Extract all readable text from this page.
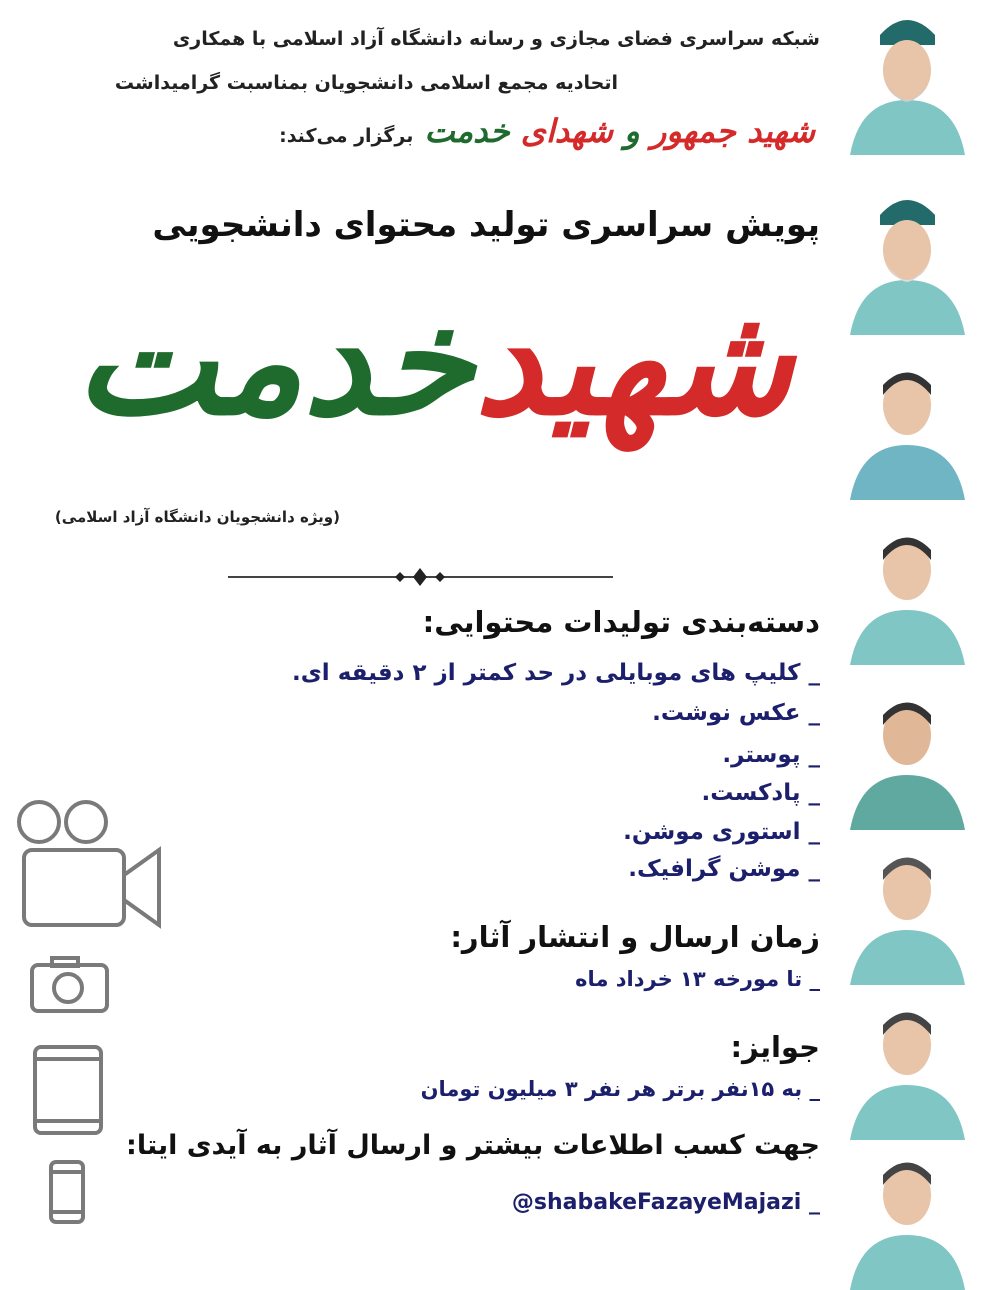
شبکه سراسری فضای مجازی و رسانه دانشگاه آزاد اسلامی با همکاری
اتحادیه مجمع اسلامی دانشجویان بمناسبت گرامیداشت
شهید جمهور و شهدای خدمت برگزار می‌کند:
پویش سراسری تولید محتوای دانشجویی
شهیدخدمت
(ویژه دانشجویان دانشگاه آزاد اسلامی)
دسته‌بندی تولیدات محتوایی:
_ کلیپ های موبایلی در حد کمتر از ۲ دقیقه ای.
_ عکس نوشت.
_ پوستر.
_ پادکست.
_ استوری موشن.
_ موشن گرافیک.
زمان ارسال و انتشار آثار:
_ تا مورخه ۱۳ خرداد ماه
جوایز:
_ به ۱۵نفر برتر هر نفر ۳ میلیون تومان
جهت کسب اطلاعات بیشتر و ارسال آثار به آیدی ایتا:
@shabakeFazayeMajazi _
